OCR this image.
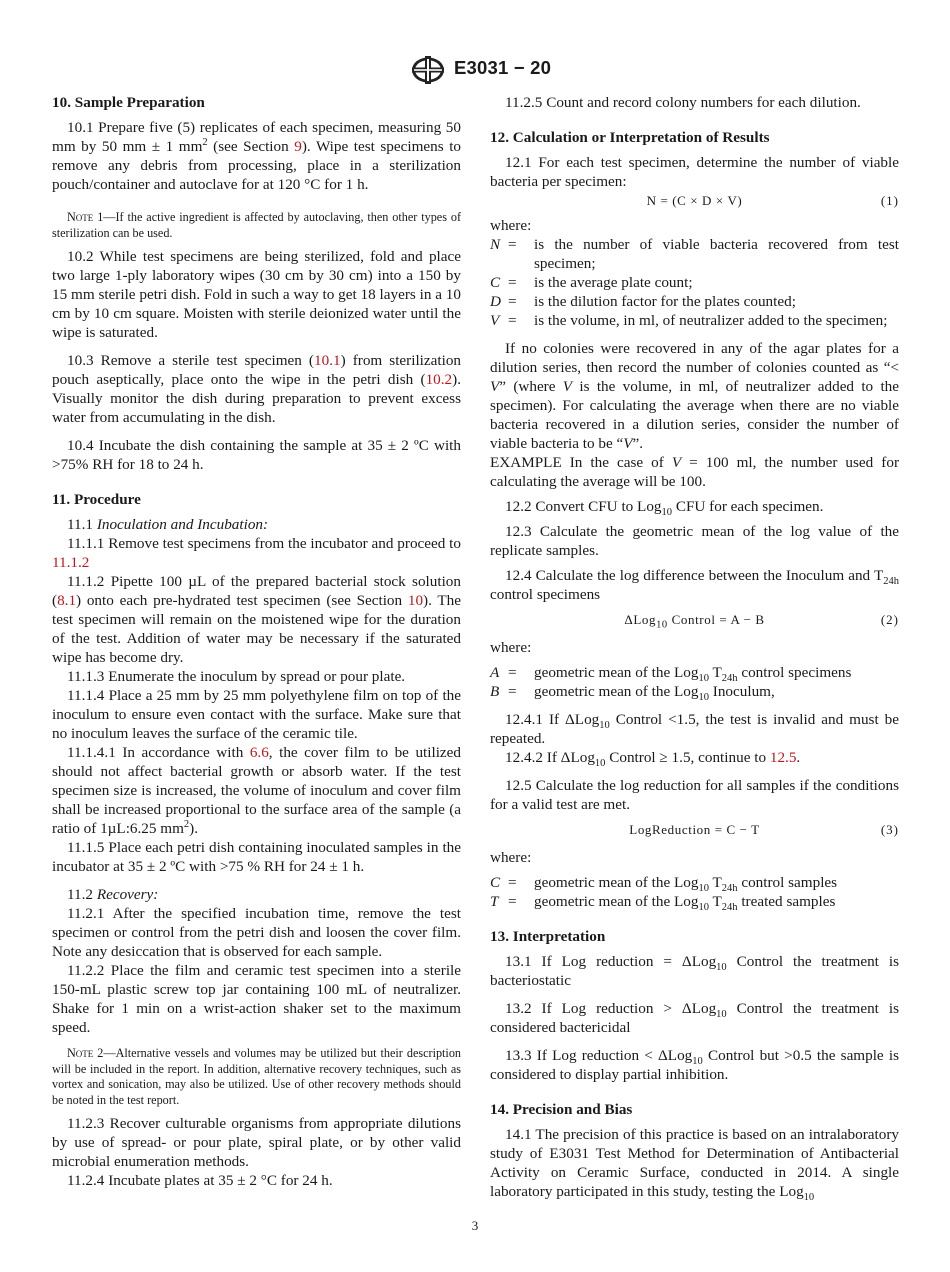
E3031 − 20

10. Sample Preparation

10.1 Prepare five (5) replicates of each specimen, measuring 50 mm by 50 mm ± 1 $mm^2$ (see Section 9). Wipe test specimens to remove any debris from processing, place in a sterilization pouch/container and autoclave for at 120 °C for 1 h.

Note 1—If the active ingredient is affected by autoclaving, then other types of sterilization can be used.

10.2 While test specimens are being sterilized, fold and place two large 1-ply laboratory wipes (30 cm by 30 cm) into a 150 by 15 mm sterile petri dish. Fold in such a way to get 18 layers in a 10 cm by 10 cm square. Moisten with sterile deionized water until the wipe is saturated.

10.3 Remove a sterile test specimen (10.1) from sterilization pouch aseptically, place onto the wipe in the petri dish (10.2). Visually monitor the dish during preparation to prevent excess water from accumulating in the dish.

10.4 Incubate the dish containing the sample at 35 ± 2 ºC with >75% RH for 18 to 24 h.

11. Procedure

11.1 Inoculation and Incubation:

11.1.1 Remove test specimens from the incubator and proceed to 11.1.2

11.1.2 Pipette 100 µL of the prepared bacterial stock solution (8.1) onto each pre-hydrated test specimen (see Section 10). The test specimen will remain on the moistened wipe for the duration of the test. Addition of water may be necessary if the saturated wipe has become dry.

11.1.3 Enumerate the inoculum by spread or pour plate.

11.1.4 Place a 25 mm by 25 mm polyethylene film on top of the inoculum to ensure even contact with the surface. Make sure that no inoculum leaves the surface of the ceramic tile.

11.1.4.1 In accordance with 6.6, the cover film to be utilized should not affect bacterial growth or absorb water. If the test specimen size is increased, the volume of inoculum and cover film shall be increased proportional to the surface area of the sample (a ratio of 1µL:6.25 $mm^2$).

11.1.5 Place each petri dish containing inoculated samples in the incubator at 35 ± 2 ºC with >75 % RH for 24 ± 1 h.

11.2 Recovery:

11.2.1 After the specified incubation time, remove the test specimen or control from the petri dish and loosen the cover film. Note any desiccation that is observed for each sample.

11.2.2 Place the film and ceramic test specimen into a sterile 150-mL plastic screw top jar containing 100 mL of neutralizer. Shake for 1 min on a wrist-action shaker set to the maximum speed.

Note 2—Alternative vessels and volumes may be utilized but their description will be included in the report. In addition, alternative recovery techniques, such as vortex and sonication, may also be utilized. Use of other recovery methods should be noted in the test report.

11.2.3 Recover culturable organisms from appropriate dilutions by use of spread- or pour plate, spiral plate, or by other valid microbial enumeration methods.

11.2.4 Incubate plates at 35 ± 2 °C for 24 h.

11.2.5 Count and record colony numbers for each dilution.

12. Calculation or Interpretation of Results

12.1 For each test specimen, determine the number of viable bacteria per specimen:

N = (C × D × V)	(1)

where:

N =	is the number of viable bacteria recovered from test specimen;
C =	is the average plate count;
D =	is the dilution factor for the plates counted;
V =	is the volume, in ml, of neutralizer added to the specimen;

If no colonies were recovered in any of the agar plates for a dilution series, then record the number of colonies counted as “< V” (where V is the volume, in ml, of neutralizer added to the specimen). For calculating the average when there are no viable bacteria recovered in a dilution series, consider the number of viable bacteria to be “V”.

EXAMPLE In the case of V = 100 ml, the number used for calculating the average will be 100.

12.2 Convert CFU to Log$_{10}$ CFU for each specimen.

12.3 Calculate the geometric mean of the log value of the replicate samples.

12.4 Calculate the log difference between the Inoculum and $T_{24h}$ control specimens

ΔLog$_{10}$ Control = A − B	(2)

where:

A =	geometric mean of the Log$_{10}$ $T_{24h}$ control specimens
B =	geometric mean of the Log$_{10}$ Inoculum,

12.4.1 If ΔLog$_{10}$ Control <1.5, the test is invalid and must be repeated.

12.4.2 If ΔLog$_{10}$ Control ≥ 1.5, continue to 12.5.

12.5 Calculate the log reduction for all samples if the conditions for a valid test are met.

LogReduction = C − T	(3)

where:

C =	geometric mean of the Log$_{10}$ $T_{24h}$ control samples
T =	geometric mean of the Log$_{10}$ $T_{24h}$ treated samples

13. Interpretation

13.1 If Log reduction = ΔLog$_{10}$ Control the treatment is bacteriostatic

13.2 If Log reduction > ΔLog$_{10}$ Control the treatment is considered bactericidal

13.3 If Log reduction < ΔLog$_{10}$ Control but >0.5 the sample is considered to display partial inhibition.

14. Precision and Bias

14.1 The precision of this practice is based on an intralaboratory study of E3031 Test Method for Determination of Antibacterial Activity on Ceramic Surface, conducted in 2014. A single laboratory participated in this study, testing the Log$_{10}$

3
